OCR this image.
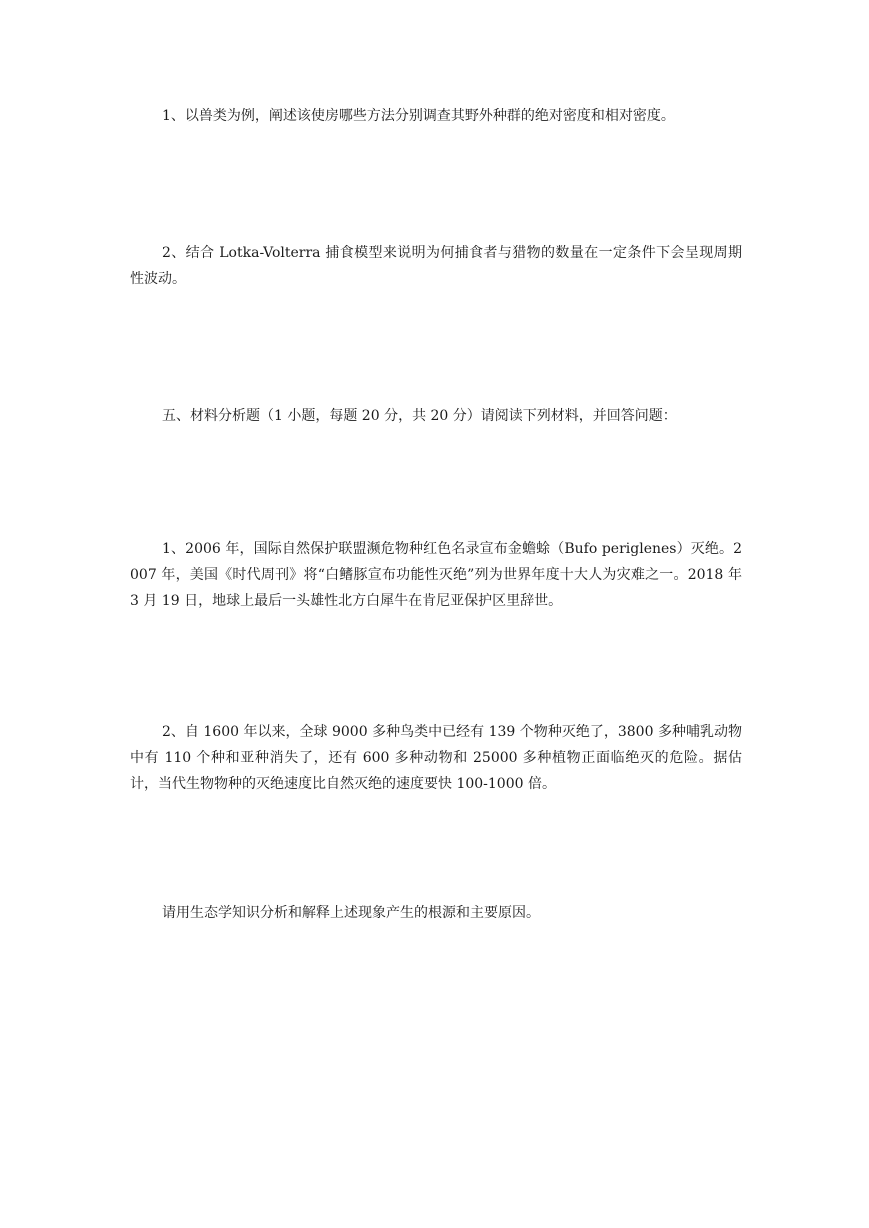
1、以兽类为例，阐述该使房哪些方法分别调查其野外种群的绝对密度和相对密度。

2、结合 Lotka-Volterra 捕食模型来说明为何捕食者与猎物的数量在一定条件下会呈现周期性波动。

五、材料分析题（1 小题，每题 20 分，共 20 分）请阅读下列材料，并回答问题：

1、2006 年，国际自然保护联盟濒危物种红色名录宣布金蟾蜍（Bufo periglenes）灭绝。2007 年，美国《时代周刊》将“白鳍豚宣布功能性灭绝”列为世界年度十大人为灾难之一。2018 年 3 月 19 日，地球上最后一头雄性北方白犀牛在肯尼亚保护区里辞世。

2、自 1600 年以来，全球 9000 多种鸟类中已经有 139 个物种灭绝了，3800 多种哺乳动物中有 110 个种和亚种消失了，还有 600 多种动物和 25000 多种植物正面临绝灭的危险。据估计，当代生物物种的灭绝速度比自然灭绝的速度要快 100-1000 倍。

请用生态学知识分析和解释上述现象产生的根源和主要原因。
